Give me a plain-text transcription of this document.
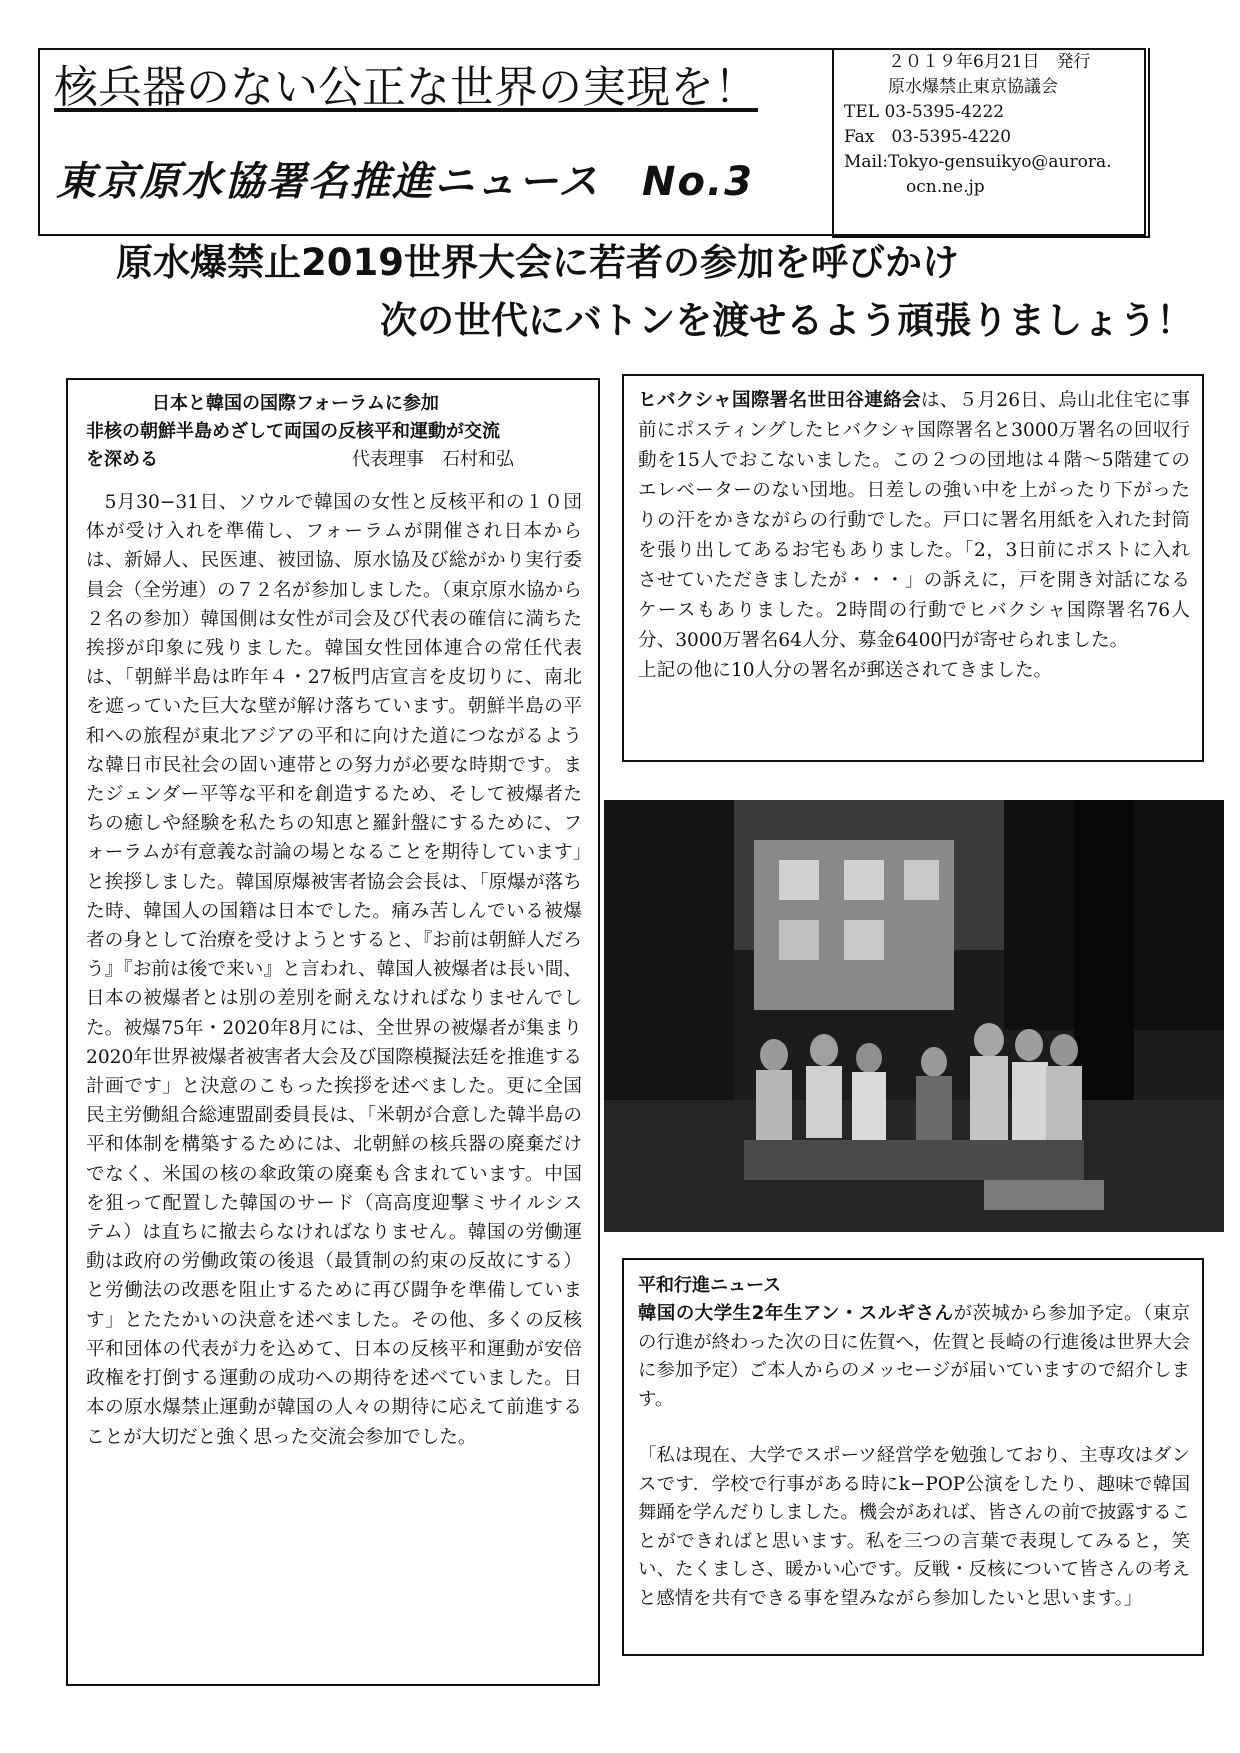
核兵器のない公正な世界の実現を！
東京原水協署名推進ニュース　No.3
２０１９年6月21日　発行
原水爆禁止東京協議会
TEL 03-5395-4222
Fax　03-5395-4220
Mail:Tokyo-gensuikyo@aurora.
ocn.ne.jp
原水爆禁止2019世界大会に若者の参加を呼びかけ
次の世代にバトンを渡せるよう頑張りましょう！
日本と韓国の国際フォーラムに参加
非核の朝鮮半島めざして両国の反核平和運動が交流
を深める	代表理事　石村和弘
5月30−31日、ソウルで韓国の女性と反核平和の１０団体が受け入れを準備し、フォーラムが開催され日本からは、新婦人、民医連、被団協、原水協及び総がかり実行委員会（全労連）の７２名が参加しました。（東京原水協から２名の参加）韓国側は女性が司会及び代表の確信に満ちた挨拶が印象に残りました。韓国女性団体連合の常任代表は、「朝鮮半島は昨年４・27板門店宣言を皮切りに、南北を遮っていた巨大な壁が解け落ちています。朝鮮半島の平和への旅程が東北アジアの平和に向けた道につながるような韓日市民社会の固い連帯との努力が必要な時期です。またジェンダー平等な平和を創造するため、そして被爆者たちの癒しや経験を私たちの知恵と羅針盤にするために、フォーラムが有意義な討論の場となることを期待しています」と挨拶しました。韓国原爆被害者協会会長は、「原爆が落ちた時、韓国人の国籍は日本でした。痛み苦しんでいる被爆者の身として治療を受けようとすると、『お前は朝鮮人だろう』『お前は後で来い』と言われ、韓国人被爆者は長い間、日本の被爆者とは別の差別を耐えなければなりませんでした。被爆75年・2020年8月には、全世界の被爆者が集まり2020年世界被爆者被害者大会及び国際模擬法廷を推進する計画です」と決意のこもった挨拶を述べました。更に全国民主労働組合総連盟副委員長は、「米朝が合意した韓半島の平和体制を構築するためには、北朝鮮の核兵器の廃棄だけでなく、米国の核の傘政策の廃棄も含まれています。中国を狙って配置した韓国のサード（高高度迎撃ミサイルシステム）は直ちに撤去らなければなりません。韓国の労働運動は政府の労働政策の後退（最賃制の約束の反故にする）と労働法の改悪を阻止するために再び闘争を準備しています」とたたかいの決意を述べました。その他、多くの反核平和団体の代表が力を込めて、日本の反核平和運動が安倍政権を打倒する運動の成功への期待を述べていました。日本の原水爆禁止運動が韓国の人々の期待に応えて前進することが大切だと強く思った交流会参加でした。
ヒバクシャ国際署名世田谷連絡会は、５月26日、烏山北住宅に事前にポスティングしたヒバクシャ国際署名と3000万署名の回収行動を15人でおこないました。この２つの団地は４階〜5階建てのエレベーターのない団地。日差しの強い中を上がったり下がったりの汗をかきながらの行動でした。戸口に署名用紙を入れた封筒を張り出してあるお宅もありました。「2，3日前にポストに入れさせていただきましたが・・・」の訴えに，戸を開き対話になるケースもありました。2時間の行動でヒバクシャ国際署名76人分、3000万署名64人分、募金6400円が寄せられました。
上記の他に10人分の署名が郵送されてきました。
平和行進ニュース
韓国の大学生2年生アン・スルギさんが茨城から参加予定。（東京の行進が終わった次の日に佐賀へ，佐賀と長崎の行進後は世界大会に参加予定）ご本人からのメッセージが届いていますので紹介します。
「私は現在、大学でスポーツ経営学を勉強しており、主専攻はダンスです．学校で行事がある時にk−POP公演をしたり、趣味で韓国舞踊を学んだりしました。機会があれば、皆さんの前で披露することができればと思います。私を三つの言葉で表現してみると，笑い、たくましさ、暖かい心です。反戦・反核について皆さんの考えと感情を共有できる事を望みながら参加したいと思います。」
